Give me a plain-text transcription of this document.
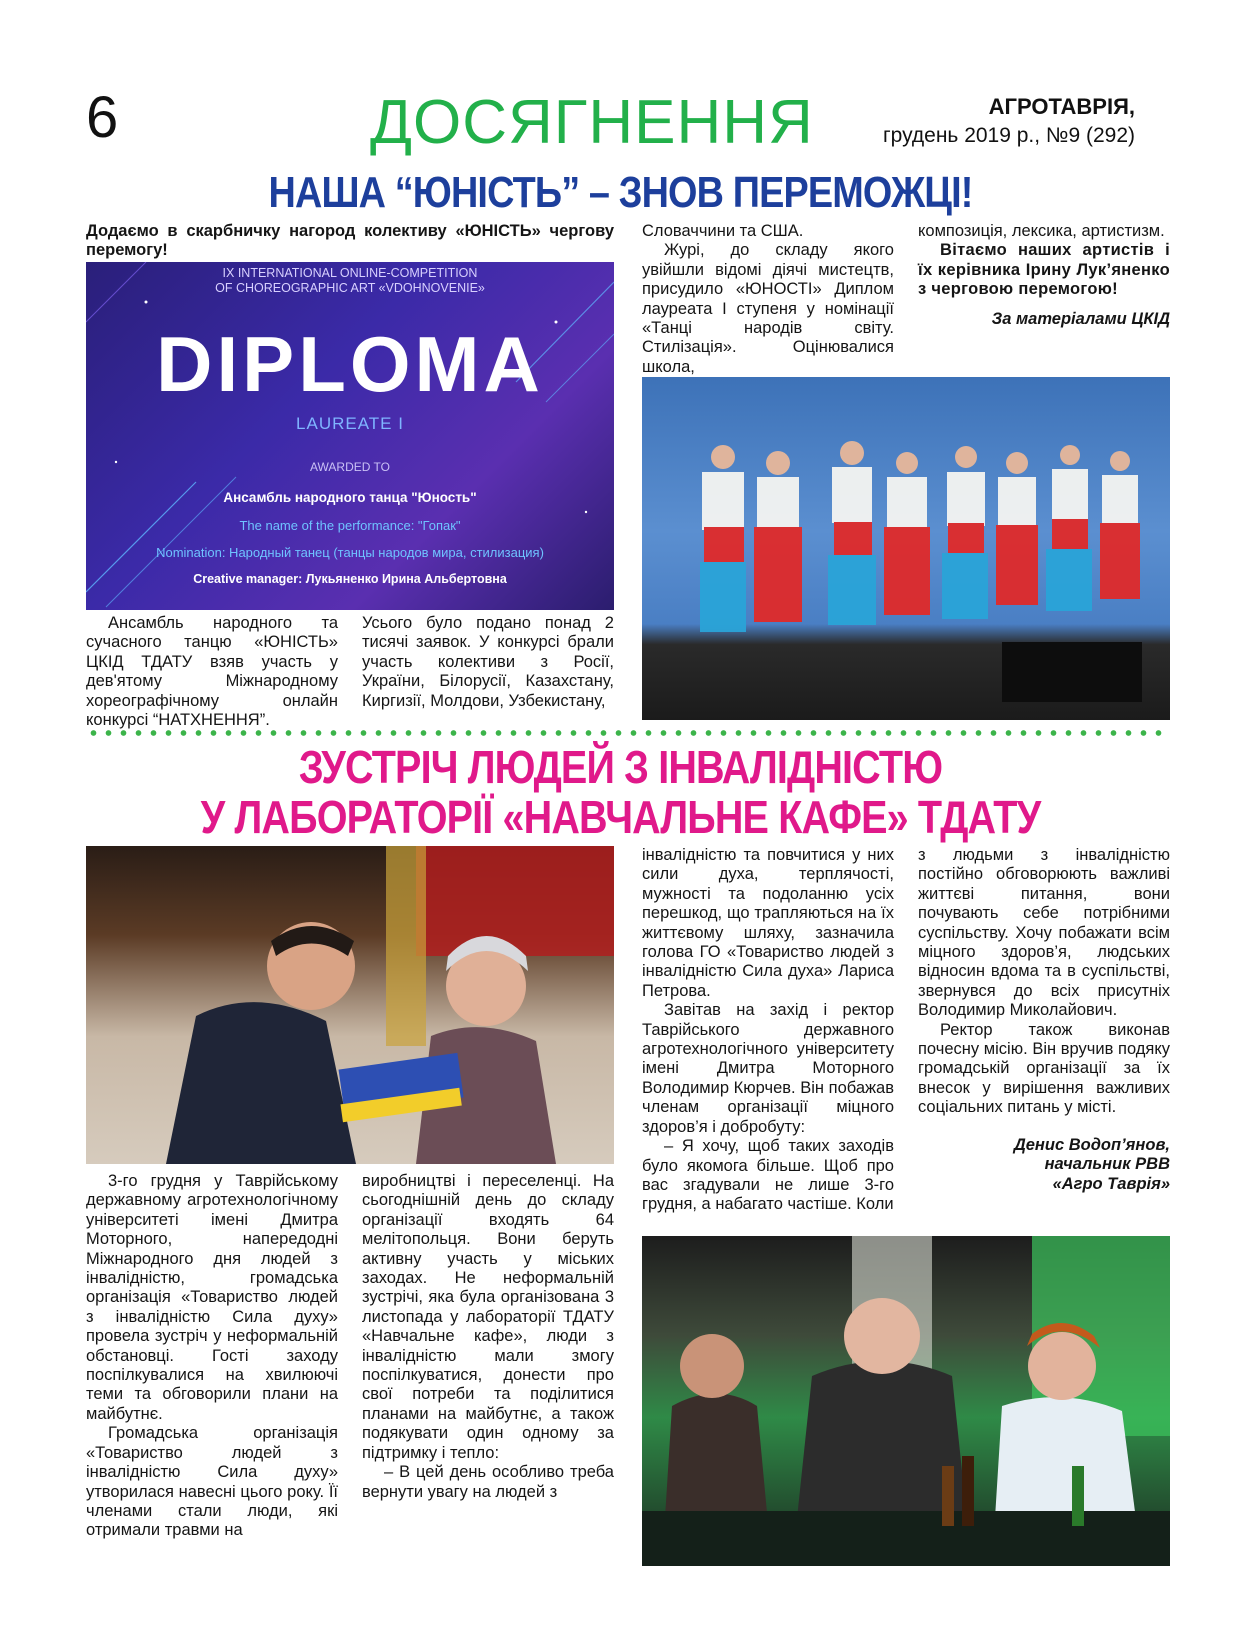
6	ДОСЯГНЕННЯ	АГРОТАВРІЯ,
грудень 2019 р., №9 (292)
НАША “ЮНІСТЬ” – ЗНОВ ПЕРЕМОЖЦІ!

Додаємо в скарбничку нагород колективу «ЮНІСТЬ» чергову перемогу!

IX INTERNATIONAL ONLINE-COMPETITION
OF CHOREOGRAPHIC ART «VDOHNOVENIE»
DIPLOMA
LAUREATE I
AWARDED TO
Ансамбль народного танца "Юность"
The name of the performance: "Гопак"
Nomination: Народный танец (танцы народов мира, стилизация)
Creative manager: Лукьяненко Ирина Альбертовна

Ансамбль народного та сучасного танцю «ЮНІСТЬ» ЦКІД ТДАТУ взяв участь у дев'ятому Міжнародному хореографічному онлайн конкурсі “НАТХНЕННЯ”.

Усього було подано понад 2 тисячі заявок. У конкурсі брали участь колективи з Росії, України, Білорусії, Казахстану, Киргизії, Молдови, Узбекистану,

Словаччини та США.

Журі, до складу якого увійшли відомі діячі мистецтв, присудило «ЮНОСТІ» Диплом лауреата І ступеня у номінації «Танці народів світу. Стилізація». Оцінювалися школа,

композиція, лексика, артистизм.

Вітаємо наших артистів і їх керівника Ірину Лук’яненко з черговою перемогою!

За матеріалами ЦКІД

ЗУСТРІЧ ЛЮДЕЙ З ІНВАЛІДНІСТЮ
У ЛАБОРАТОРІЇ «НАВЧАЛЬНЕ КАФЕ» ТДАТУ

3-го грудня у Таврійському державному агротехнологічному університеті імені Дмитра Моторного, напередодні Міжнародного дня людей з інвалідністю, громадська організація «Товариство людей з інвалідністю Сила духу» провела зустріч у неформальній обстановці. Гості заходу поспілкувалися на хвилюючі теми та обговорили плани на майбутнє.

Громадська організація «Товариство людей з інвалідністю Сила духу» утворилася навесні цього року. Її членами стали люди, які отримали травми на

виробництві і переселенці. На сьогоднішній день до складу організації входять 64 мелітопольця. Вони беруть активну участь у міських заходах. Не неформальній зустрічі, яка була організована 3 листопада у лабораторії ТДАТУ «Навчальне кафе», люди з інвалідністю мали змогу поспілкуватися, донести про свої потреби та поділитися планами на майбутнє, а також подякувати один одному за підтримку і тепло:

– В цей день особливо треба вернути увагу на людей з

інвалідністю та повчитися у них сили духа, терплячості, мужності та подоланню усіх перешкод, що трапляються на їх життєвому шляху, зазначила голова ГО «Товариство людей з інвалідністю Сила духа» Лариса Петрова.

Завітав на захід і ректор Таврійського державного агротехнологічного університету імені Дмитра Моторного Володимир Кюрчев. Він побажав членам організації міцного здоров’я і добробуту:

– Я хочу, щоб таких заходів було якомога більше. Щоб про вас згадували не лише 3-го грудня, а набагато частіше. Коли

з людьми з інвалідністю постійно обговорюють важливі життєві питання, вони почувають себе потрібними суспільству. Хочу побажати всім міцного здоров’я, людських відносин вдома та в суспільстві, звернувся до всіх присутніх Володимир Миколайович.

Ректор також виконав почесну місію. Він вручив подяку громадській організації за їх внесок у вирішення важливих соціальних питань у місті.

Денис Водоп’янов,
начальник РВВ
«Агро Таврія»
